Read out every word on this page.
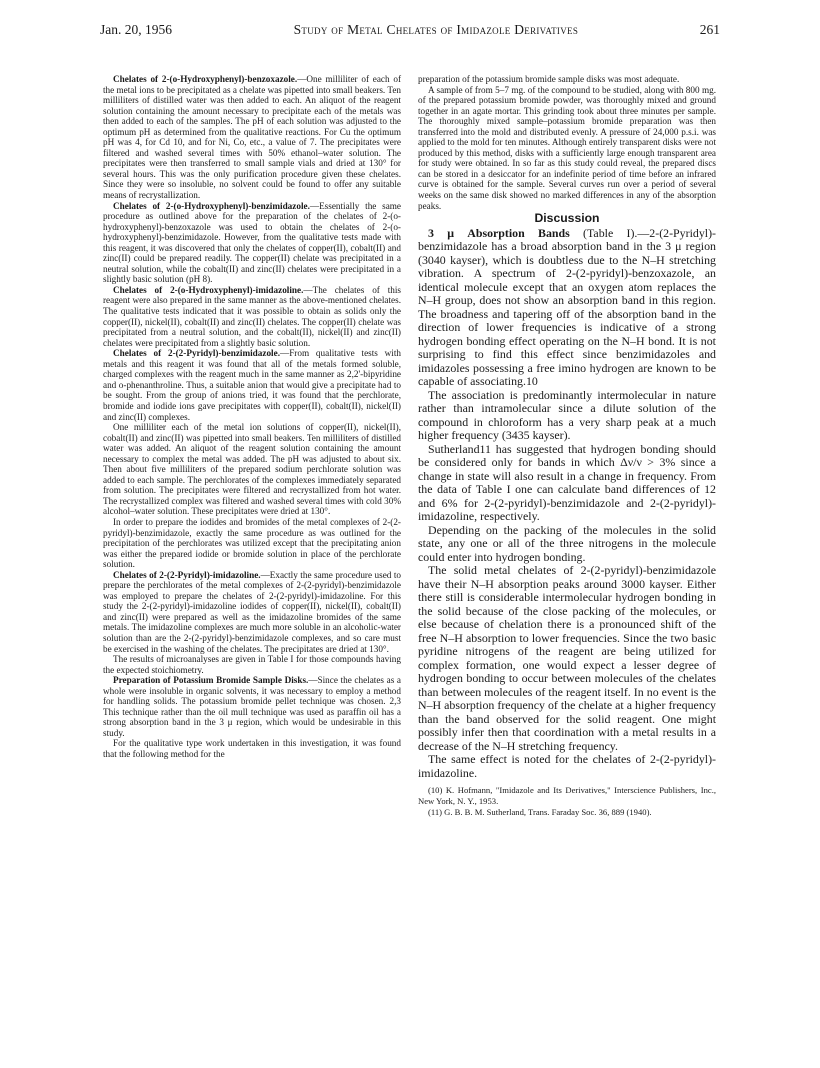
Jan. 20, 1956	Study of Metal Chelates of Imidazole Derivatives	261

Chelates of 2-(o-Hydroxyphenyl)-benzoxazole.—One milliliter of each of the metal ions to be precipitated as a chelate was pipetted into small beakers. Ten milliliters of distilled water was then added to each. An aliquot of the reagent solution containing the amount necessary to precipitate each of the metals was then added to each of the samples. The pH of each solution was adjusted to the optimum pH as determined from the qualitative reactions. For Cu the optimum pH was 4, for Cd 10, and for Ni, Co, etc., a value of 7. The precipitates were filtered and washed several times with 50% ethanol–water solution. The precipitates were then transferred to small sample vials and dried at 130° for several hours. This was the only purification procedure given these chelates. Since they were so insoluble, no solvent could be found to offer any suitable means of recrystallization.

Chelates of 2-(o-Hydroxyphenyl)-benzimidazole.—Essentially the same procedure as outlined above for the preparation of the chelates of 2-(o-hydroxyphenyl)-benzoxazole was used to obtain the chelates of 2-(o-hydroxyphenyl)-benzimidazole. However, from the qualitative tests made with this reagent, it was discovered that only the chelates of copper(II), cobalt(II) and zinc(II) could be prepared readily. The copper(II) chelate was precipitated in a neutral solution, while the cobalt(II) and zinc(II) chelates were precipitated in a slightly basic solution (pH 8).

Chelates of 2-(o-Hydroxyphenyl)-imidazoline.—The chelates of this reagent were also prepared in the same manner as the above-mentioned chelates. The qualitative tests indicated that it was possible to obtain as solids only the copper(II), nickel(II), cobalt(II) and zinc(II) chelates. The copper(II) chelate was precipitated from a neutral solution, and the cobalt(II), nickel(II) and zinc(II) chelates were precipitated from a slightly basic solution.

Chelates of 2-(2-Pyridyl)-benzimidazole.—From qualitative tests with metals and this reagent it was found that all of the metals formed soluble, charged complexes with the reagent much in the same manner as 2,2'-bipyridine and o-phenanthroline. Thus, a suitable anion that would give a precipitate had to be sought. From the group of anions tried, it was found that the perchlorate, bromide and iodide ions gave precipitates with copper(II), cobalt(II), nickel(II) and zinc(II) complexes.

One milliliter each of the metal ion solutions of copper(II), nickel(II), cobalt(II) and zinc(II) was pipetted into small beakers. Ten milliliters of distilled water was added. An aliquot of the reagent solution containing the amount necessary to complex the metal was added. The pH was adjusted to about six. Then about five milliliters of the prepared sodium perchlorate solution was added to each sample. The perchlorates of the complexes immediately separated from solution. The precipitates were filtered and recrystallized from hot water. The recrystallized complex was filtered and washed several times with cold 30% alcohol–water solution. These precipitates were dried at 130°.

In order to prepare the iodides and bromides of the metal complexes of 2-(2-pyridyl)-benzimidazole, exactly the same procedure as was outlined for the precipitation of the perchlorates was utilized except that the precipitating anion was either the prepared iodide or bromide solution in place of the perchlorate solution.

Chelates of 2-(2-Pyridyl)-imidazoline.—Exactly the same procedure used to prepare the perchlorates of the metal complexes of 2-(2-pyridyl)-benzimidazole was employed to prepare the chelates of 2-(2-pyridyl)-imidazoline. For this study the 2-(2-pyridyl)-imidazoline iodides of copper(II), nickel(II), cobalt(II) and zinc(II) were prepared as well as the imidazoline bromides of the same metals. The imidazoline complexes are much more soluble in an alcoholic-water solution than are the 2-(2-pyridyl)-benzimidazole complexes, and so care must be exercised in the washing of the chelates. The precipitates are dried at 130°.

The results of microanalyses are given in Table I for those compounds having the expected stoichiometry.

Preparation of Potassium Bromide Sample Disks.—Since the chelates as a whole were insoluble in organic solvents, it was necessary to employ a method for handling solids. The potassium bromide pellet technique was chosen. 2,3 This technique rather than the oil mull technique was used as paraffin oil has a strong absorption band in the 3 μ region, which would be undesirable in this study.

For the qualitative type work undertaken in this investigation, it was found that the following method for the

preparation of the potassium bromide sample disks was most adequate.

A sample of from 5–7 mg. of the compound to be studied, along with 800 mg. of the prepared potassium bromide powder, was thoroughly mixed and ground together in an agate mortar. This grinding took about three minutes per sample. The thoroughly mixed sample–potassium bromide preparation was then transferred into the mold and distributed evenly. A pressure of 24,000 p.s.i. was applied to the mold for ten minutes. Although entirely transparent disks were not produced by this method, disks with a sufficiently large enough transparent area for study were obtained. In so far as this study could reveal, the prepared discs can be stored in a desiccator for an indefinite period of time before an infrared curve is obtained for the sample. Several curves run over a period of several weeks on the same disk showed no marked differences in any of the absorption peaks.

Discussion

3 μ Absorption Bands (Table I).—2-(2-Pyridyl)-benzimidazole has a broad absorption band in the 3 μ region (3040 kayser), which is doubtless due to the N–H stretching vibration. A spectrum of 2-(2-pyridyl)-benzoxazole, an identical molecule except that an oxygen atom replaces the N–H group, does not show an absorption band in this region. The broadness and tapering off of the absorption band in the direction of lower frequencies is indicative of a strong hydrogen bonding effect operating on the N–H bond. It is not surprising to find this effect since benzimidazoles and imidazoles possessing a free imino hydrogen are known to be capable of associating.10

The association is predominantly intermolecular in nature rather than intramolecular since a dilute solution of the compound in chloroform has a very sharp peak at a much higher frequency (3435 kayser).

Sutherland11 has suggested that hydrogen bonding should be considered only for bands in which Δν/ν > 3% since a change in state will also result in a change in frequency. From the data of Table I one can calculate band differences of 12 and 6% for 2-(2-pyridyl)-benzimidazole and 2-(2-pyridyl)-imidazoline, respectively.

Depending on the packing of the molecules in the solid state, any one or all of the three nitrogens in the molecule could enter into hydrogen bonding.

The solid metal chelates of 2-(2-pyridyl)-benzimidazole have their N–H absorption peaks around 3000 kayser. Either there still is considerable intermolecular hydrogen bonding in the solid because of the close packing of the molecules, or else because of chelation there is a pronounced shift of the free N–H absorption to lower frequencies. Since the two basic pyridine nitrogens of the reagent are being utilized for complex formation, one would expect a lesser degree of hydrogen bonding to occur between molecules of the chelates than between molecules of the reagent itself. In no event is the N–H absorption frequency of the chelate at a higher frequency than the band observed for the solid reagent. One might possibly infer then that coordination with a metal results in a decrease of the N–H stretching frequency.

The same effect is noted for the chelates of 2-(2-pyridyl)-imidazoline.

(10) K. Hofmann, "Imidazole and Its Derivatives," Interscience Publishers, Inc., New York, N. Y., 1953.

(11) G. B. B. M. Sutherland, Trans. Faraday Soc. 36, 889 (1940).
